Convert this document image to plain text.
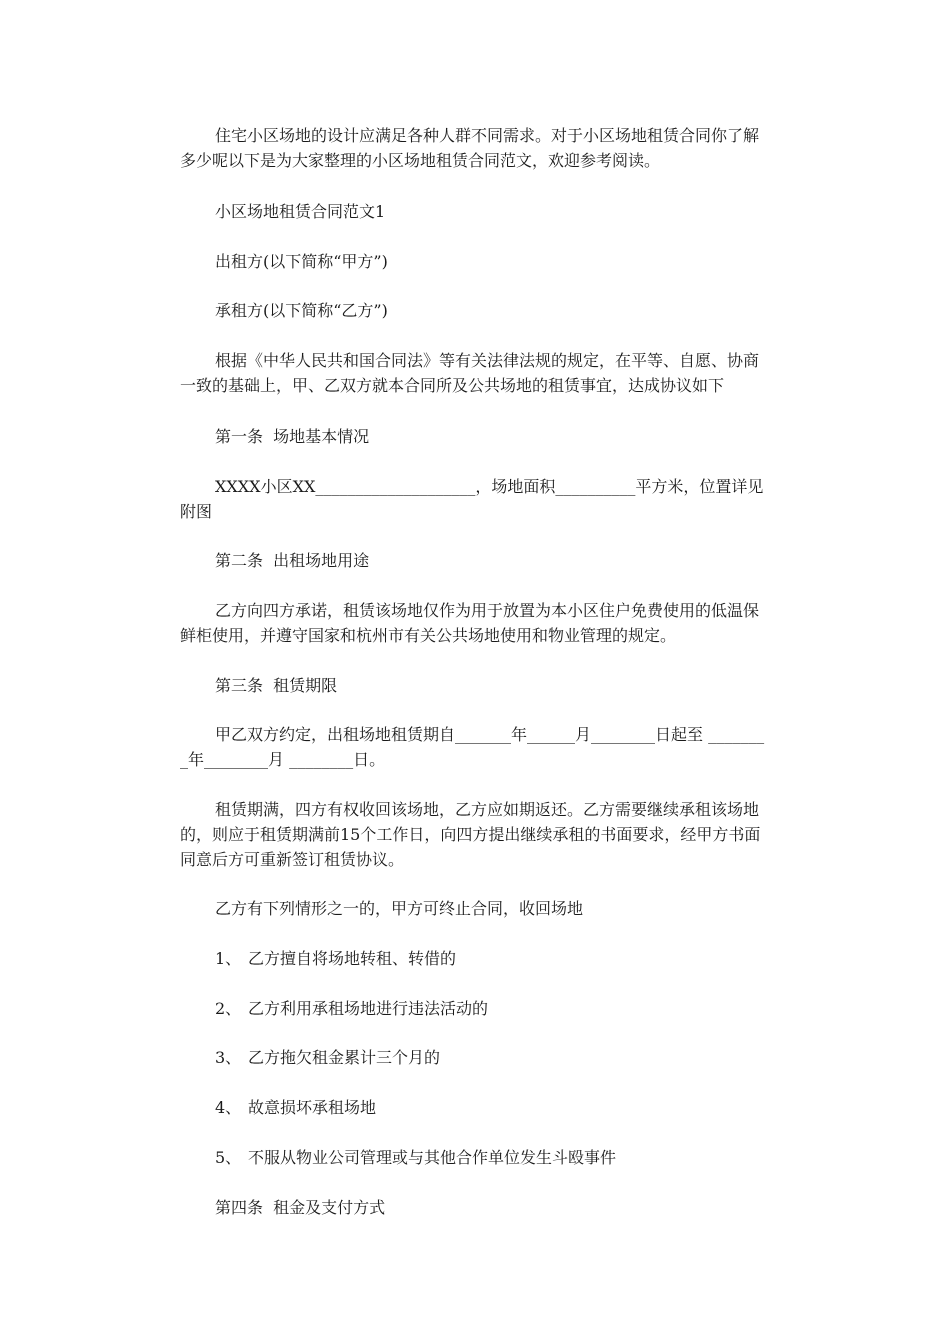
住宅小区场地的设计应满足各种人群不同需求。对于小区场地租赁合同你了解多少呢以下是为大家整理的小区场地租赁合同范文，欢迎参考阅读。

小区场地租赁合同范文1

出租方(以下简称“甲方”)

承租方(以下简称“乙方”)

根据《中华人民共和国合同法》等有关法律法规的规定，在平等、自愿、协商一致的基础上，甲、乙双方就本合同所及公共场地的租赁事宜，达成协议如下

第一条  场地基本情况

XXXX小区XX____________________，场地面积__________平方米，位置详见附图

第二条  出租场地用途

乙方向四方承诺，租赁该场地仅作为用于放置为本小区住户免费使用的低温保鲜柜使用，并遵守国家和杭州市有关公共场地使用和物业管理的规定。

第三条  租赁期限

甲乙双方约定，出租场地租赁期自_______年______月________日起至 ________年________月 ________日。

租赁期满，四方有权收回该场地，乙方应如期返还。乙方需要继续承租该场地的，则应于租赁期满前15个工作日，向四方提出继续承租的书面要求，经甲方书面同意后方可重新签订租赁协议。

乙方有下列情形之一的，甲方可终止合同，收回场地

1、 乙方擅自将场地转租、转借的

2、 乙方利用承租场地进行违法活动的

3、 乙方拖欠租金累计三个月的

4、 故意损坏承租场地

5、 不服从物业公司管理或与其他合作单位发生斗殴事件

第四条  租金及支付方式
